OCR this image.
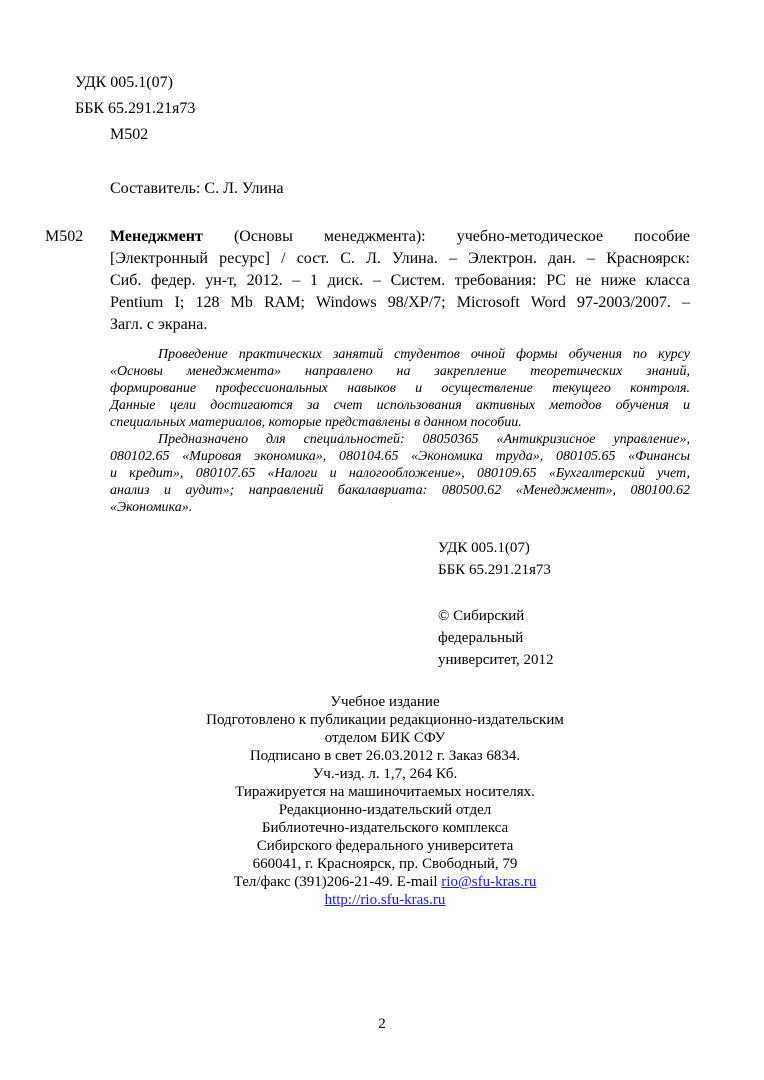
УДК 005.1(07)
ББК 65.291.21я73
М502
Составитель: С. Л. Улина
М502 Менеджмент (Основы менеджмента): учебно-методическое пособие
[Электронный ресурс] / сост. С. Л. Улина. – Электрон. дан. – Красноярск:
Сиб. федер. ун-т, 2012. – 1 диск. – Систем. требования: PC не ниже класса
Pentium I; 128 Mb RAM; Windows 98/XP/7; Microsoft Word 97-2003/2007. –
Загл. с экрана.
Проведение практических занятий студентов очной формы обучения по курсу
«Основы менеджмента» направлено на закрепление теоретических знаний,
формирование профессиональных навыков и осуществление текущего контроля.
Данные цели достигаются за счет использования активных методов обучения и
специальных материалов, которые представлены в данном пособии.
Предназначено для специальностей: 08050365 «Антикризисное управление»,
080102.65 «Мировая экономика», 080104.65 «Экономика труда», 080105.65 «Финансы
и кредит», 080107.65 «Налоги и налогообложение», 080109.65 «Бухгалтерский учет,
анализ и аудит»; направлений бакалавриата: 080500.62 «Менеджмент», 080100.62
«Экономика».
УДК 005.1(07)
ББК 65.291.21я73
© Сибирский
федеральный
университет, 2012
Учебное издание
Подготовлено к публикации редакционно-издательским
отделом БИК СФУ
Подписано в свет 26.03.2012 г. Заказ 6834.
Уч.-изд. л. 1,7, 264 Кб.
Тиражируется на машиночитаемых носителях.
Редакционно-издательский отдел
Библиотечно-издательского комплекса
Сибирского федерального университета
660041, г. Красноярск, пр. Свободный, 79
Тел/факс (391)206-21-49. E-mail rio@sfu-kras.ru
http://rio.sfu-kras.ru
2
